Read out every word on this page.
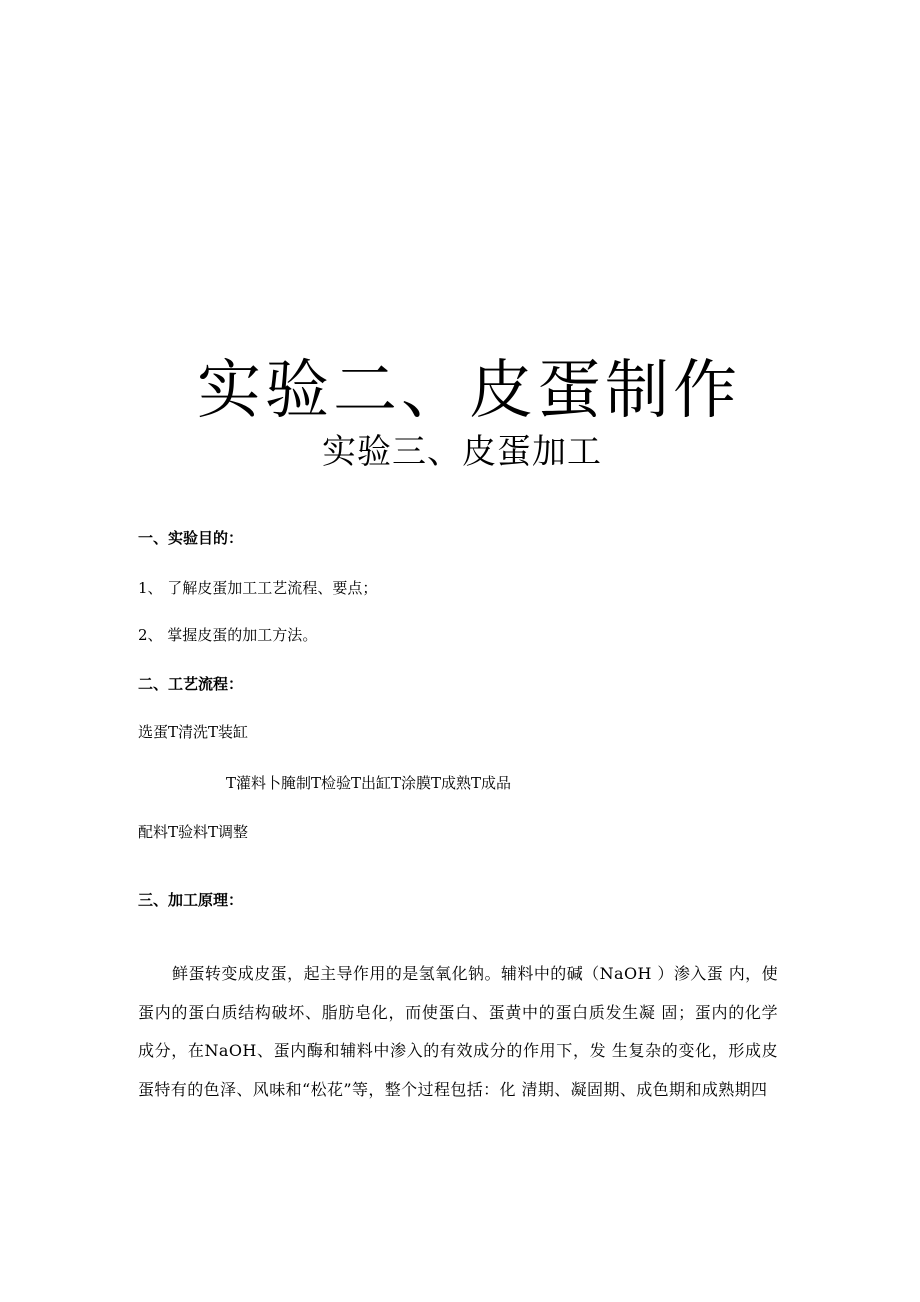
实验二、皮蛋制作
实验三、皮蛋加工
一、实验目的：
1、 了解皮蛋加工工艺流程、要点；
2、 掌握皮蛋的加工方法。
二、工艺流程：
选蛋T清洗T装缸
T灌料卜腌制T检验T出缸T涂膜T成熟T成品
配料T验料T调整
三、加工原理：
鲜蛋转变成皮蛋，起主导作用的是氢氧化钠。辅料中的碱（NaOH ）渗入蛋 内，使蛋内的蛋白质结构破坏、脂肪皂化，而使蛋白、蛋黄中的蛋白质发生凝 固；蛋内的化学成分，在NaOH、蛋内酶和辅料中渗入的有效成分的作用下，发 生复杂的变化，形成皮蛋特有的色泽、风味和“松花”等，整个过程包括：化 清期、凝固期、成色期和成熟期四
